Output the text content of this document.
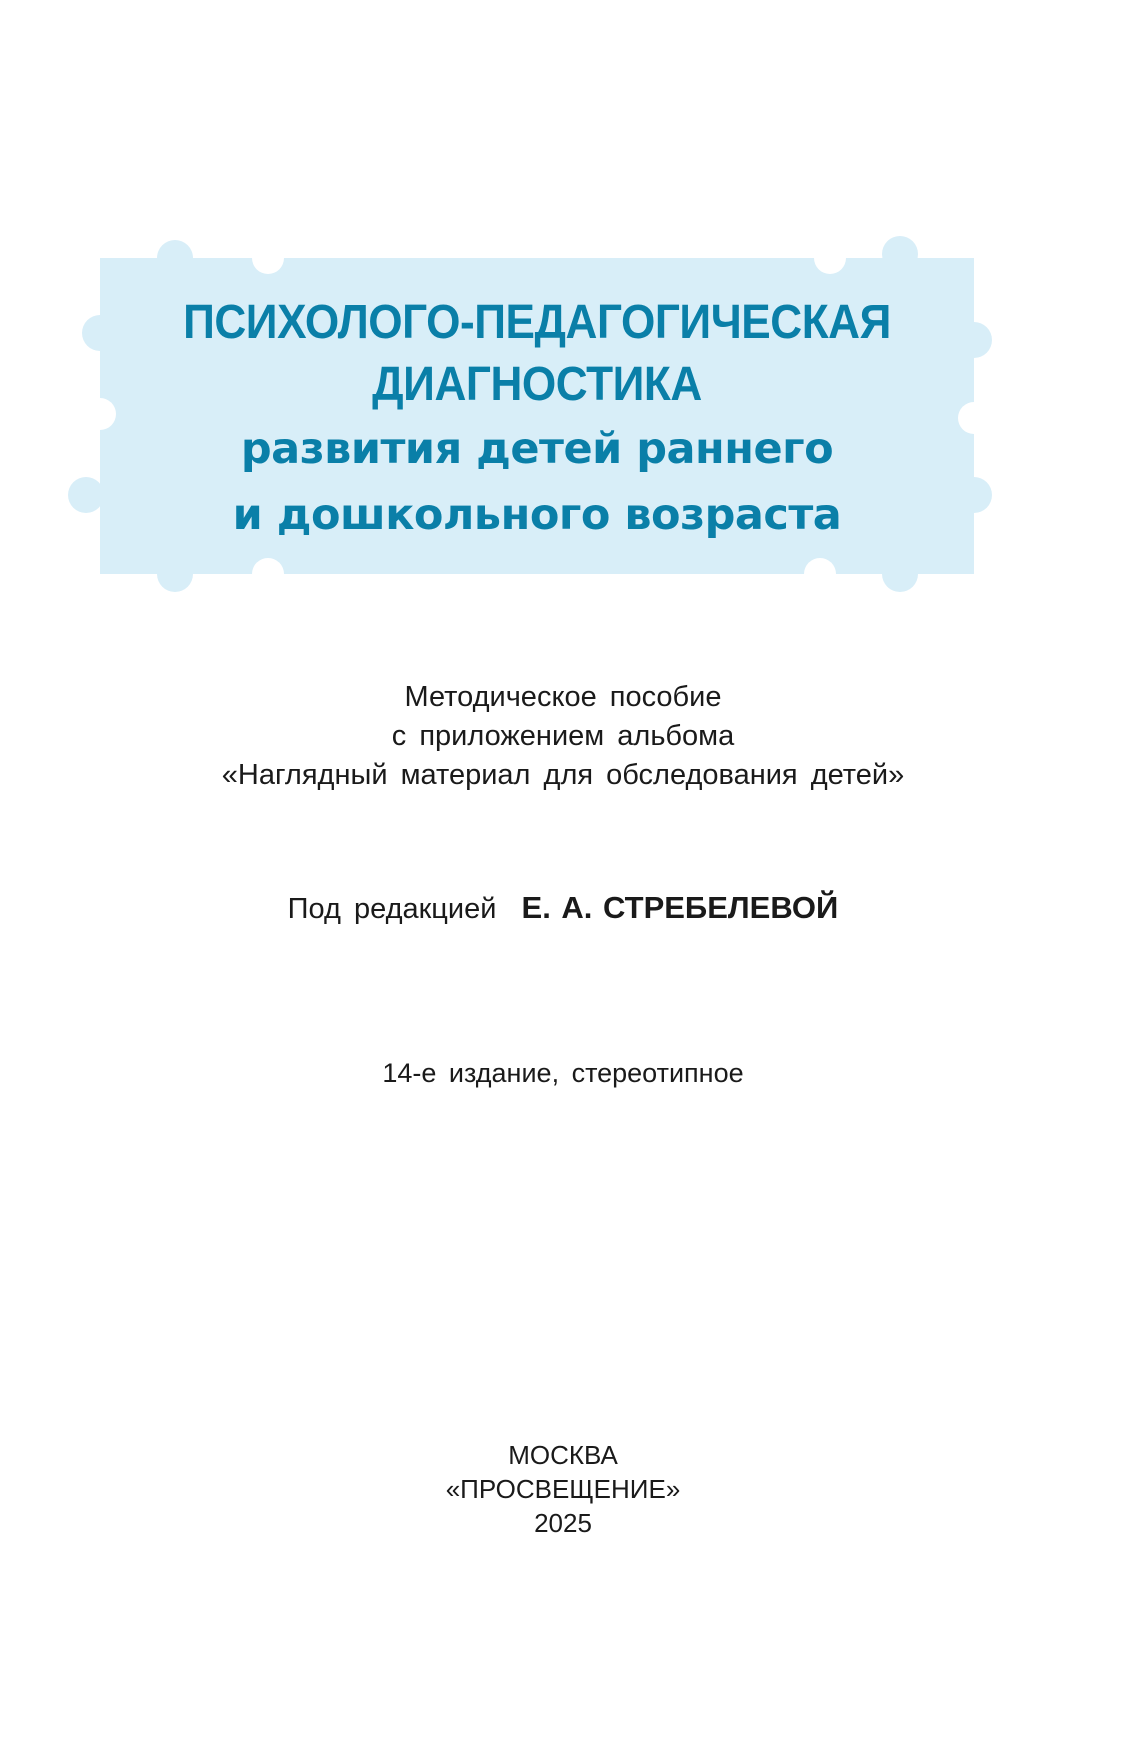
ПСИХОЛОГО-ПЕДАГОГИЧЕСКАЯ
ДИАГНОСТИКА
развития детей раннего
и дошкольного возраста
Методическое пособие
с приложением альбома
«Наглядный материал для обследования детей»
Под редакцией Е. А. СТРЕБЕЛЕВОЙ
14-е издание, стереотипное
МОСКВА
«ПРОСВЕЩЕНИЕ»
2025
